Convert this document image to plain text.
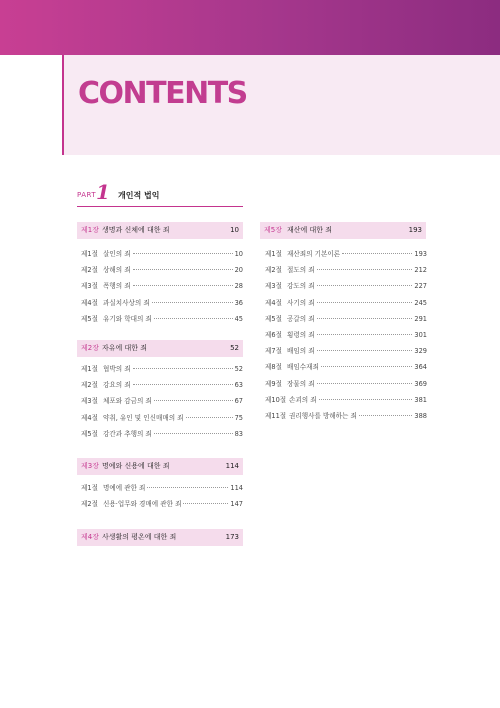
CONTENTS
PART 1 개인적 법익
제1장 생명과 신체에 대한 죄	10
제1절 살인의 죄	10
제2절 상해의 죄	20
제3절 폭행의 죄	28
제4절 과실치사상의 죄	36
제5절 유기와 학대의 죄	45
제2장 자유에 대한 죄	52
제1절 협박의 죄	52
제2절 강요의 죄	63
제3절 체포와 감금의 죄	67
제4절 약취, 유인 및 인신매매의 죄	75
제5절 강간과 추행의 죄	83
제3장 명예와 신용에 대한 죄	114
제1절 명예에 관한 죄	114
제2절 신용·업무와 경매에 관한 죄	147
제4장 사생활의 평온에 대한 죄	173
제5장 재산에 대한 죄	193
제1절 재산죄의 기본이론	193
제2절 절도의 죄	212
제3절 강도의 죄	227
제4절 사기의 죄	245
제5절 공갈의 죄	291
제6절 횡령의 죄	301
제7절 배임의 죄	329
제8절 배임수재죄	364
제9절 장물의 죄	369
제10절 손괴의 죄	381
제11절 권리행사를 방해하는 죄	388
